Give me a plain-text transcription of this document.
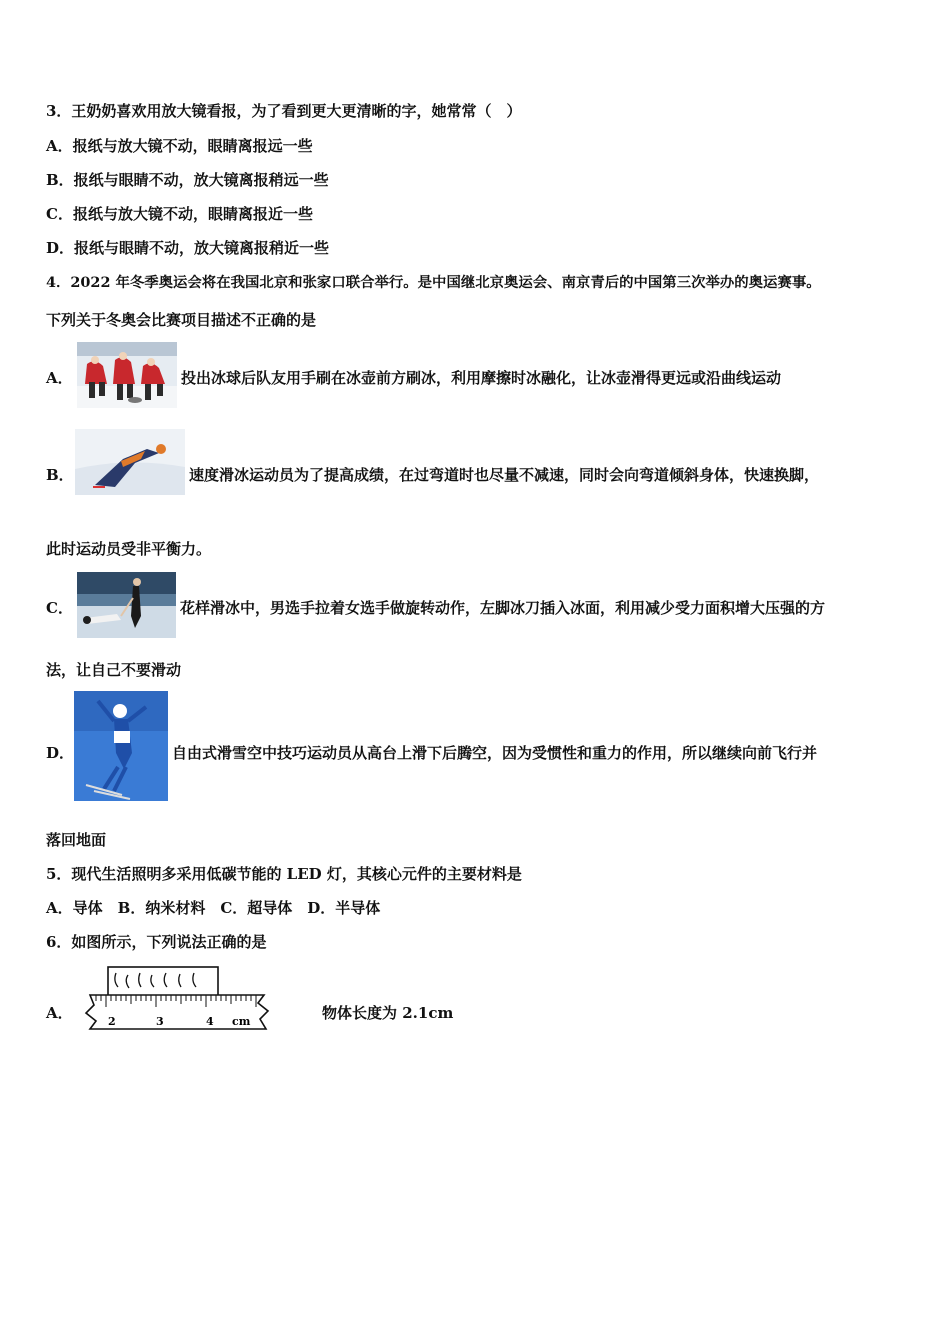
3．王奶奶喜欢用放大镜看报，为了看到更大更清晰的字，她常常（　）
A．报纸与放大镜不动，眼睛离报远一些
B．报纸与眼睛不动，放大镜离报稍远一些
C．报纸与放大镜不动，眼睛离报近一些
D．报纸与眼睛不动，放大镜离报稍近一些
4．2022 年冬季奥运会将在我国北京和张家口联合举行。是中国继北京奥运会、南京青后的中国第三次举办的奥运赛事。
下列关于冬奥会比赛项目描述不正确的是
A．	投出冰球后队友用手刷在冰壶前方刷冰，利用摩擦时冰融化，让冰壶滑得更远或沿曲线运动
B．	速度滑冰运动员为了提高成绩，在过弯道时也尽量不减速，同时会向弯道倾斜身体，快速换脚，
此时运动员受非平衡力。
C．	花样滑冰中，男选手拉着女选手做旋转动作，左脚冰刀插入冰面，利用减少受力面积增大压强的方
法，让自己不要滑动
D．	自由式滑雪空中技巧运动员从高台上滑下后腾空，因为受惯性和重力的作用，所以继续向前飞行并
落回地面
5．现代生活照明多采用低碳节能的 LED 灯，其核心元件的主要材料是
A．导体　B．纳米材料　C．超导体　D．半导体
6．如图所示，下列说法正确的是
A．	2	3	4 cm	物体长度为 2.1cm
